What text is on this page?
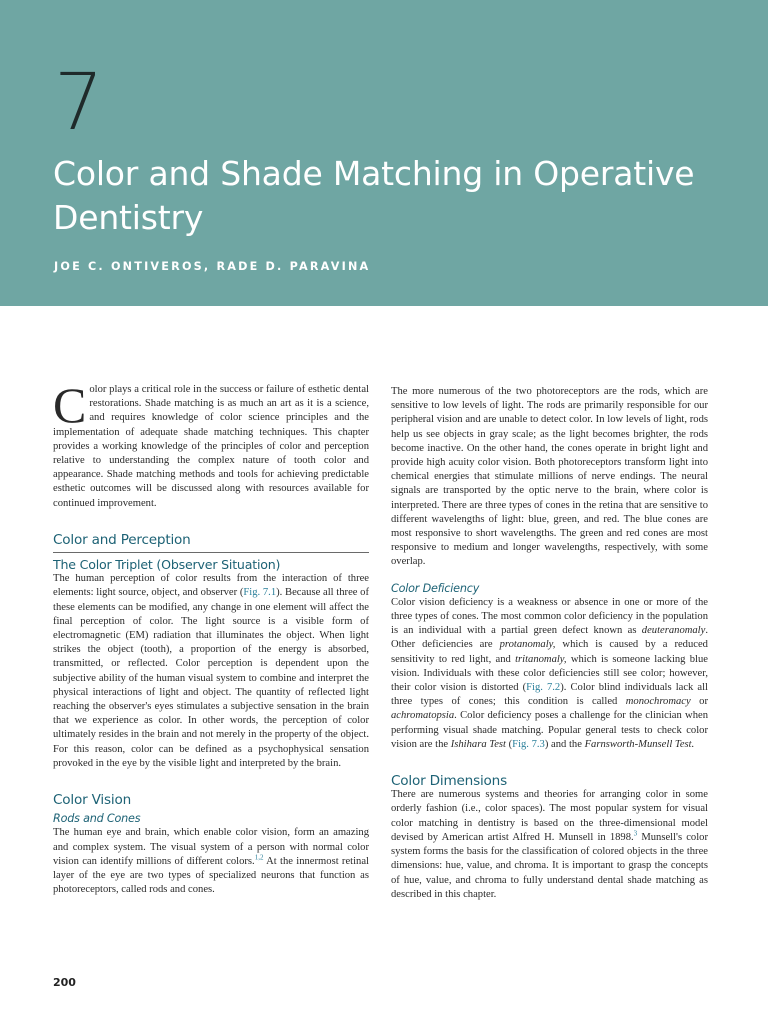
7
Color and Shade Matching in Operative Dentistry

JOE C. ONTIVEROS, RADE D. PARAVINA

Color plays a critical role in the success or failure of esthetic dental restorations. Shade matching is as much an art as it is a science, and requires knowledge of color science principles and the implementation of adequate shade matching techniques. This chapter provides a working knowledge of the principles of color and perception relative to understanding the complex nature of tooth color and appearance. Shade matching methods and tools for achieving predictable esthetic outcomes will be discussed along with resources available for continued improvement.

Color and Perception
The Color Triplet (Observer Situation)

The human perception of color results from the interaction of three elements: light source, object, and observer (Fig. 7.1). Because all three of these elements can be modified, any change in one element will affect the final perception of color. The light source is a visible form of electromagnetic (EM) radiation that illuminates the object. When light strikes the object (tooth), a proportion of the energy is absorbed, transmitted, or reflected. Color perception is dependent upon the subjective ability of the human visual system to combine and interpret the physical interactions of light and object. The quantity of reflected light reaching the observer's eyes stimulates a subjective sensation in the brain that we experience as color. In other words, the perception of color ultimately resides in the brain and not merely in the property of the object. For this reason, color can be defined as a psychophysical sensation provoked in the eye by the visible light and interpreted by the brain.

Color Vision
Rods and Cones

The human eye and brain, which enable color vision, form an amazing and complex system. The visual system of a person with normal color vision can identify millions of different colors.$^{1,2}$ At the innermost retinal layer of the eye are two types of specialized neurons that function as photoreceptors, called rods and cones.

The more numerous of the two photoreceptors are the rods, which are sensitive to low levels of light. The rods are primarily responsible for our peripheral vision and are unable to detect color. In low levels of light, rods help us see objects in gray scale; as the light becomes brighter, the rods become inactive. On the other hand, the cones operate in bright light and provide high acuity color vision. Both photoreceptors transform light into chemical energies that stimulate millions of nerve endings. The neural signals are transported by the optic nerve to the brain, where color is interpreted. There are three types of cones in the retina that are sensitive to different wavelengths of light: blue, green, and red. The blue cones are most responsive to short wavelengths. The green and red cones are most responsive to medium and longer wavelengths, respectively, with some overlap.

Color Deficiency

Color vision deficiency is a weakness or absence in one or more of the three types of cones. The most common color deficiency in the population is an individual with a partial green defect known as deuteranomaly. Other deficiencies are protanomaly, which is caused by a reduced sensitivity to red light, and tritanomaly, which is someone lacking blue vision. Individuals with these color deficiencies still see color; however, their color vision is distorted (Fig. 7.2). Color blind individuals lack all three types of cones; this condition is called monochromacy or achromatopsia. Color deficiency poses a challenge for the clinician when performing visual shade matching. Popular general tests to check color vision are the Ishihara Test (Fig. 7.3) and the Farnsworth-Munsell Test.

Color Dimensions

There are numerous systems and theories for arranging color in some orderly fashion (i.e., color spaces). The most popular system for visual color matching in dentistry is based on the three-dimensional model devised by American artist Alfred H. Munsell in 1898.$^3$ Munsell's color system forms the basis for the classification of colored objects in the three dimensions: hue, value, and chroma. It is important to grasp the concepts of hue, value, and chroma to fully understand dental shade matching as described in this chapter.

200
